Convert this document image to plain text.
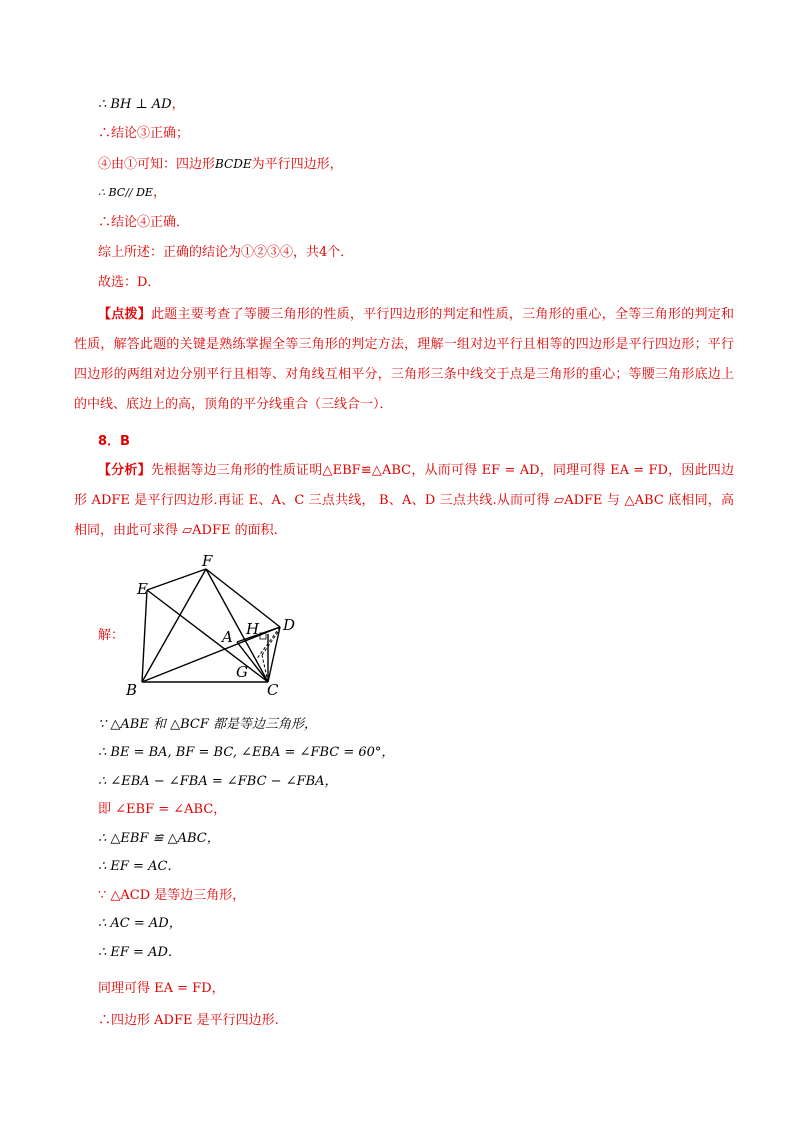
∴ BH ⊥ AD，
∴结论③正确；
④由①可知：四边形BCDE为平行四边形，
∴ BC// DE，
∴结论④正确．
综上所述：正确的结论为①②③④，共4个．
故选：D．
【点拨】此题主要考查了等腰三角形的性质，平行四边形的判定和性质，三角形的重心，全等三角形的判定和性质，解答此题的关键是熟练掌握全等三角形的判定方法，理解一组对边平行且相等的四边形是平行四边形；平行四边形的两组对边分别平行且相等、对角线互相平分，三角形三条中线交于点是三角形的重心；等腰三角形底边上的中线、底边上的高，顶角的平分线重合（三线合一）．
8．B
【分析】先根据等边三角形的性质证明△EBF≌△ABC，从而可得 EF = AD，同理可得 EA = FD，因此四边形 ADFE 是平行四边形.再证 E、A、C 三点共线， B、A、D 三点共线.从而可得 ▱ADFE 与 △ABC 底相同，高相同，由此可求得 ▱ADFE 的面积.
解：
F
E
A H D
G
B	C
∵ △ABE 和 △BCF 都是等边三角形，
∴ BE = BA, BF = BC, ∠EBA = ∠FBC = 60°，
∴ ∠EBA − ∠FBA = ∠FBC − ∠FBA，
即 ∠EBF = ∠ABC，
∴ △EBF ≌ △ABC，
∴ EF = AC．
∵ △ACD 是等边三角形，
∴ AC = AD，
∴ EF = AD．
同理可得 EA = FD，
∴四边形 ADFE 是平行四边形.
